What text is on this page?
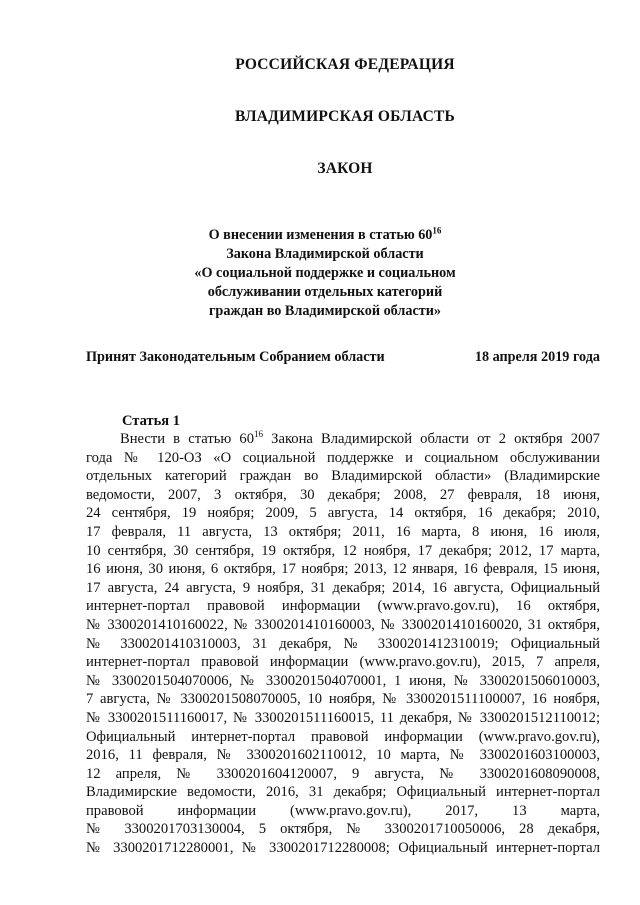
РОССИЙСКАЯ ФЕДЕРАЦИЯ
ВЛАДИМИРСКАЯ ОБЛАСТЬ
ЗАКОН
О внесении изменения в статью $60^{16}$
Закона Владимирской области
«О социальной поддержке и социальном
обслуживании отдельных категорий
граждан во Владимирской области»
Принят Законодательным Собранием области	18 апреля 2019 года
Статья 1
Внести в статью $60^{16}$ Закона Владимирской области от 2 октября 2007
года № 120-ОЗ «О социальной поддержке и социальном обслуживании
отдельных категорий граждан во Владимирской области» (Владимирские
ведомости, 2007, 3 октября, 30 декабря; 2008, 27 февраля, 18 июня,
24 сентября, 19 ноября; 2009, 5 августа, 14 октября, 16 декабря; 2010,
17 февраля, 11 августа, 13 октября; 2011, 16 марта, 8 июня, 16 июля,
10 сентября, 30 сентября, 19 октября, 12 ноября, 17 декабря; 2012, 17 марта,
16 июня, 30 июня, 6 октября, 17 ноября; 2013, 12 января, 16 февраля, 15 июня,
17 августа, 24 августа, 9 ноября, 31 декабря; 2014, 16 августа, Официальный
интернет-портал правовой информации (www.pravo.gov.ru), 16 октября,
№ 3300201410160022, № 3300201410160003, № 3300201410160020, 31 октября,
№ 3300201410310003, 31 декабря, № 3300201412310019; Официальный
интернет-портал правовой информации (www.pravo.gov.ru), 2015, 7 апреля,
№ 3300201504070006, № 3300201504070001, 1 июня, № 3300201506010003,
7 августа, № 3300201508070005, 10 ноября, № 3300201511100007, 16 ноября,
№ 3300201511160017, № 3300201511160015, 11 декабря, № 3300201512110012;
Официальный интернет-портал правовой информации (www.pravo.gov.ru),
2016, 11 февраля, № 3300201602110012, 10 марта, № 3300201603100003,
12 апреля, № 3300201604120007, 9 августа, № 3300201608090008,
Владимирские ведомости, 2016, 31 декабря; Официальный интернет-портал
правовой информации (www.pravo.gov.ru), 2017, 13 марта,
№ 3300201703130004, 5 октября, № 3300201710050006, 28 декабря,
№ 3300201712280001, № 3300201712280008; Официальный интернет-портал
